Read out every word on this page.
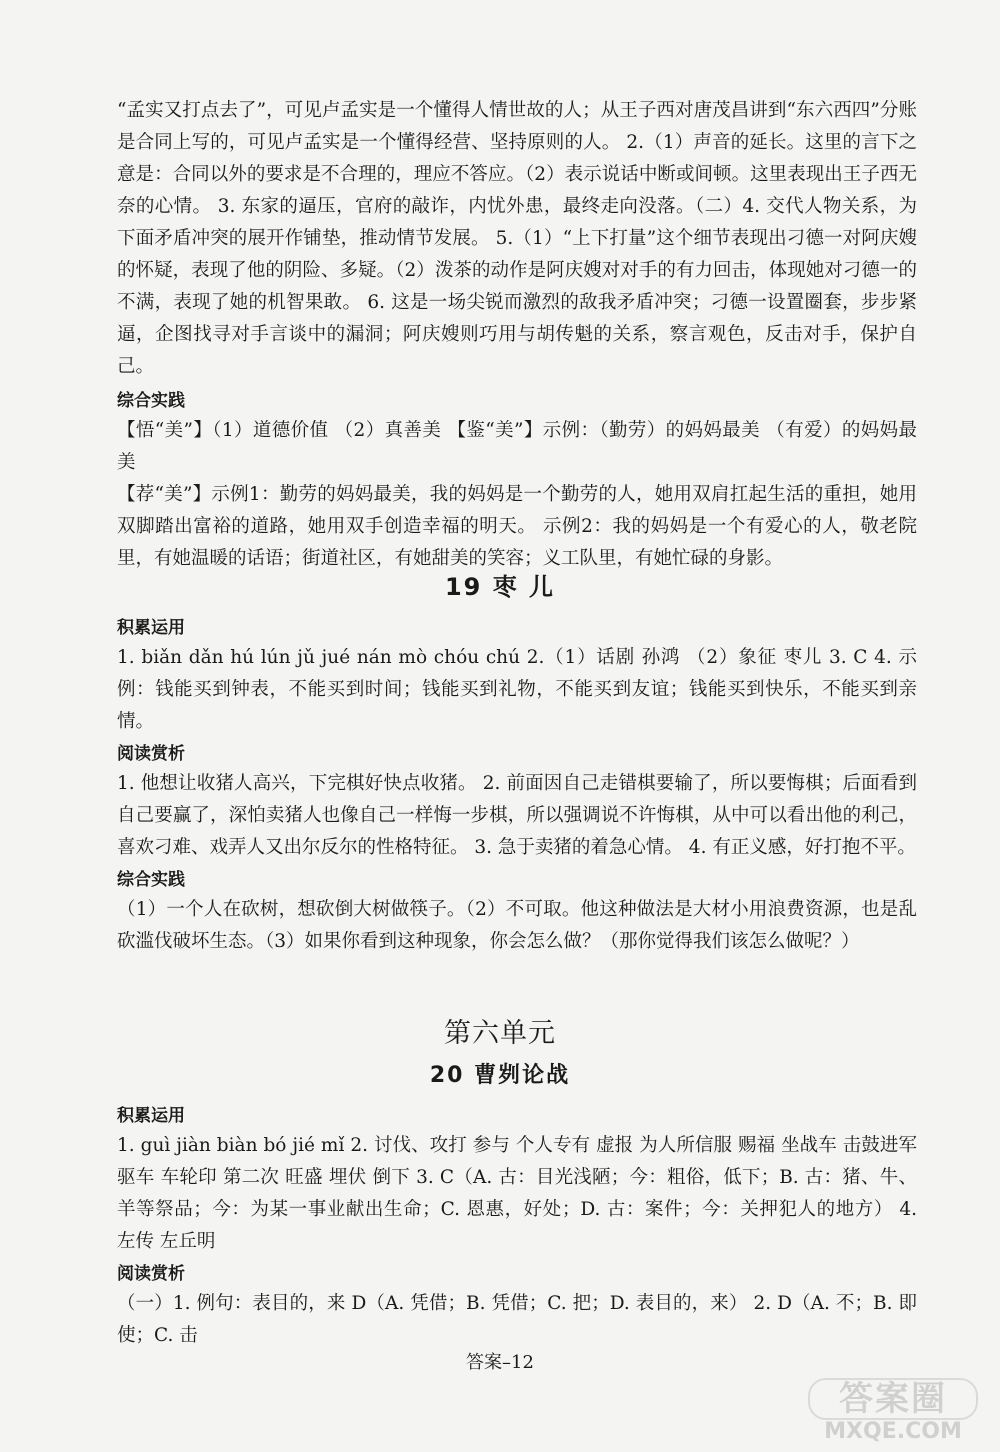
“孟实又打点去了”，可见卢孟实是一个懂得人情世故的人；从王子西对唐茂昌讲到“东六西四”分账是合同上写的，可见卢孟实是一个懂得经营、坚持原则的人。 2.（1）声音的延长。这里的言下之意是：合同以外的要求是不合理的，理应不答应。（2）表示说话中断或间顿。这里表现出王子西无奈的心情。 3. 东家的逼压，官府的敲诈，内忧外患，最终走向没落。（二）4. 交代人物关系，为下面矛盾冲突的展开作铺垫，推动情节发展。 5.（1）“上下打量”这个细节表现出刁德一对阿庆嫂的怀疑，表现了他的阴险、多疑。（2）泼茶的动作是阿庆嫂对对手的有力回击，体现她对刁德一的不满，表现了她的机智果敢。 6. 这是一场尖锐而激烈的敌我矛盾冲突；刁德一设置圈套，步步紧逼，企图找寻对手言谈中的漏洞；阿庆嫂则巧用与胡传魁的关系，察言观色，反击对手，保护自己。

综合实践

【悟“美”】（1）道德价值 （2）真善美 【鉴“美”】示例：（勤劳）的妈妈最美 （有爱）的妈妈最美

【荐“美”】示例1：勤劳的妈妈最美，我的妈妈是一个勤劳的人，她用双肩扛起生活的重担，她用双脚踏出富裕的道路，她用双手创造幸福的明天。 示例2：我的妈妈是一个有爱心的人，敬老院里，有她温暖的话语；街道社区，有她甜美的笑容；义工队里，有她忙碌的身影。

19 枣 儿

积累运用

1. biǎn dǎn hú lún jǔ jué nán mò chóu chú 2.（1）话剧 孙鸿 （2）象征 枣儿 3. C 4. 示例：钱能买到钟表，不能买到时间；钱能买到礼物，不能买到友谊；钱能买到快乐，不能买到亲情。

阅读赏析

1. 他想让收猪人高兴，下完棋好快点收猪。 2. 前面因自己走错棋要输了，所以要悔棋；后面看到自己要赢了，深怕卖猪人也像自己一样悔一步棋，所以强调说不许悔棋，从中可以看出他的利己，喜欢刁难、戏弄人又出尔反尔的性格特征。 3. 急于卖猪的着急心情。 4. 有正义感，好打抱不平。

综合实践

（1）一个人在砍树，想砍倒大树做筷子。（2）不可取。他这种做法是大材小用浪费资源，也是乱砍滥伐破坏生态。（3）如果你看到这种现象，你会怎么做？（那你觉得我们该怎么做呢？）

第六单元
20 曹刿论战

积累运用

1. guì jiàn biàn bó jié mǐ 2. 讨伐、攻打 参与 个人专有 虚报 为人所信服 赐福 坐战车 击鼓进军 驱车 车轮印 第二次 旺盛 埋伏 倒下 3. C（A. 古：目光浅陋；今：粗俗，低下；B. 古：猪、牛、羊等祭品；今：为某一事业献出生命；C. 恩惠，好处；D. 古：案件；今：关押犯人的地方） 4. 左传 左丘明

阅读赏析

（一）1. 例句：表目的，来 D（A. 凭借；B. 凭借；C. 把；D. 表目的，来） 2. D（A. 不；B. 即使；C. 击

答案–12
答案圈
MXQE.COM
